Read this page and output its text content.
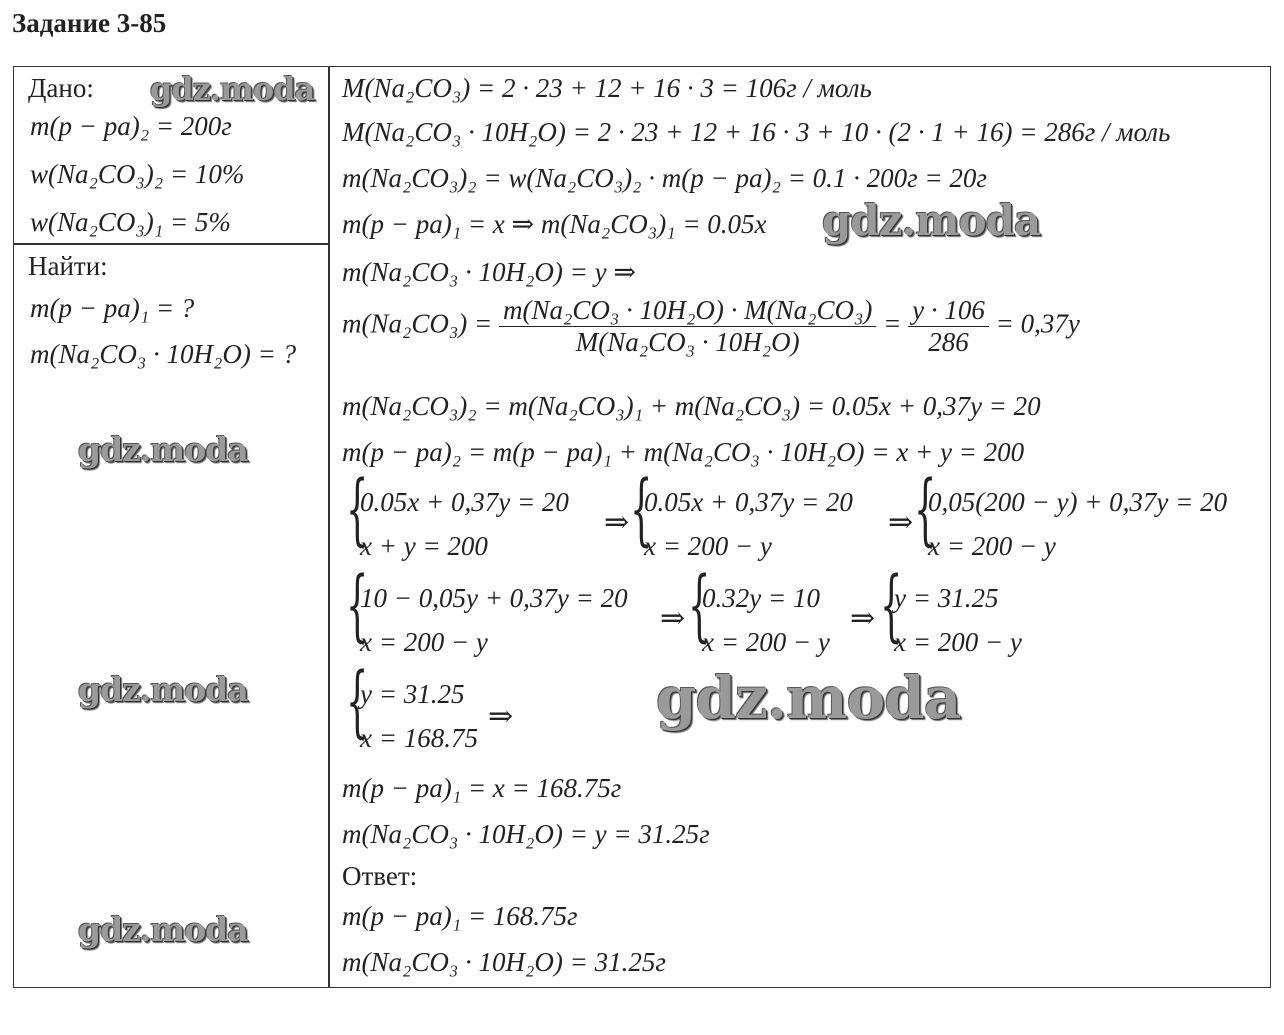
Задание 3-85
Дано:
m(p − pa)₂ = 200г
w(Na₂CO₃)₂ = 10%
w(Na₂CO₃)₁ = 5%
Найти:
m(p − pa)₁ = ?
m(Na₂CO₃ · 10H₂O) = ?
M(Na₂CO₃) = 2 · 23 + 12 + 16 · 3 = 106г / моль
M(Na₂CO₃ · 10H₂O) = 2 · 23 + 12 + 16 · 3 + 10 · (2 · 1 + 16) = 286г / моль
m(Na₂CO₃)₂ = w(Na₂CO₃)₂ · m(p − pa)₂ = 0.1 · 200г = 20г
m(p − pa)₁ = x ⇒ m(Na₂CO₃)₁ = 0.05x
m(Na₂CO₃ · 10H₂O) = y ⇒
$m(Na_2CO_3) = \frac{\text{m(Na₂CO₃ · 10H₂O) · M(Na₂CO₃)}}{\text{M(Na₂CO₃ · 10H₂O)}} = \frac{y \cdot 106}{286} = 0,37y$
m(Na₂CO₃)₂ = m(Na₂CO₃)₁ + m(Na₂CO₃) = 0.05x + 0,37y = 20
m(p − pa)₂ = m(p − pa)₁ + m(Na₂CO₃ · 10H₂O) = x + y = 200
{
0.05x + 0,37y = 20
x + y = 200
⇒ {
0.05x + 0,37y = 20
x = 200 − y
⇒ {
0,05(200 − y) + 0,37y = 20
x = 200 − y
{
10 − 0,05y + 0,37y = 20
x = 200 − y
⇒ {
0.32y = 10
x = 200 − y
⇒ {
y = 31.25
x = 200 − y
{
y = 31.25
x = 168.75
⇒
m(p − pa)₁ = x = 168.75г
m(Na₂CO₃ · 10H₂O) = y = 31.25г
Ответ:
m(p − pa)₁ = 168.75г
m(Na₂CO₃ · 10H₂O) = 31.25г
gdz.moda
gdz.moda
gdz.moda
gdz.moda	gdz.moda
gdz.moda
